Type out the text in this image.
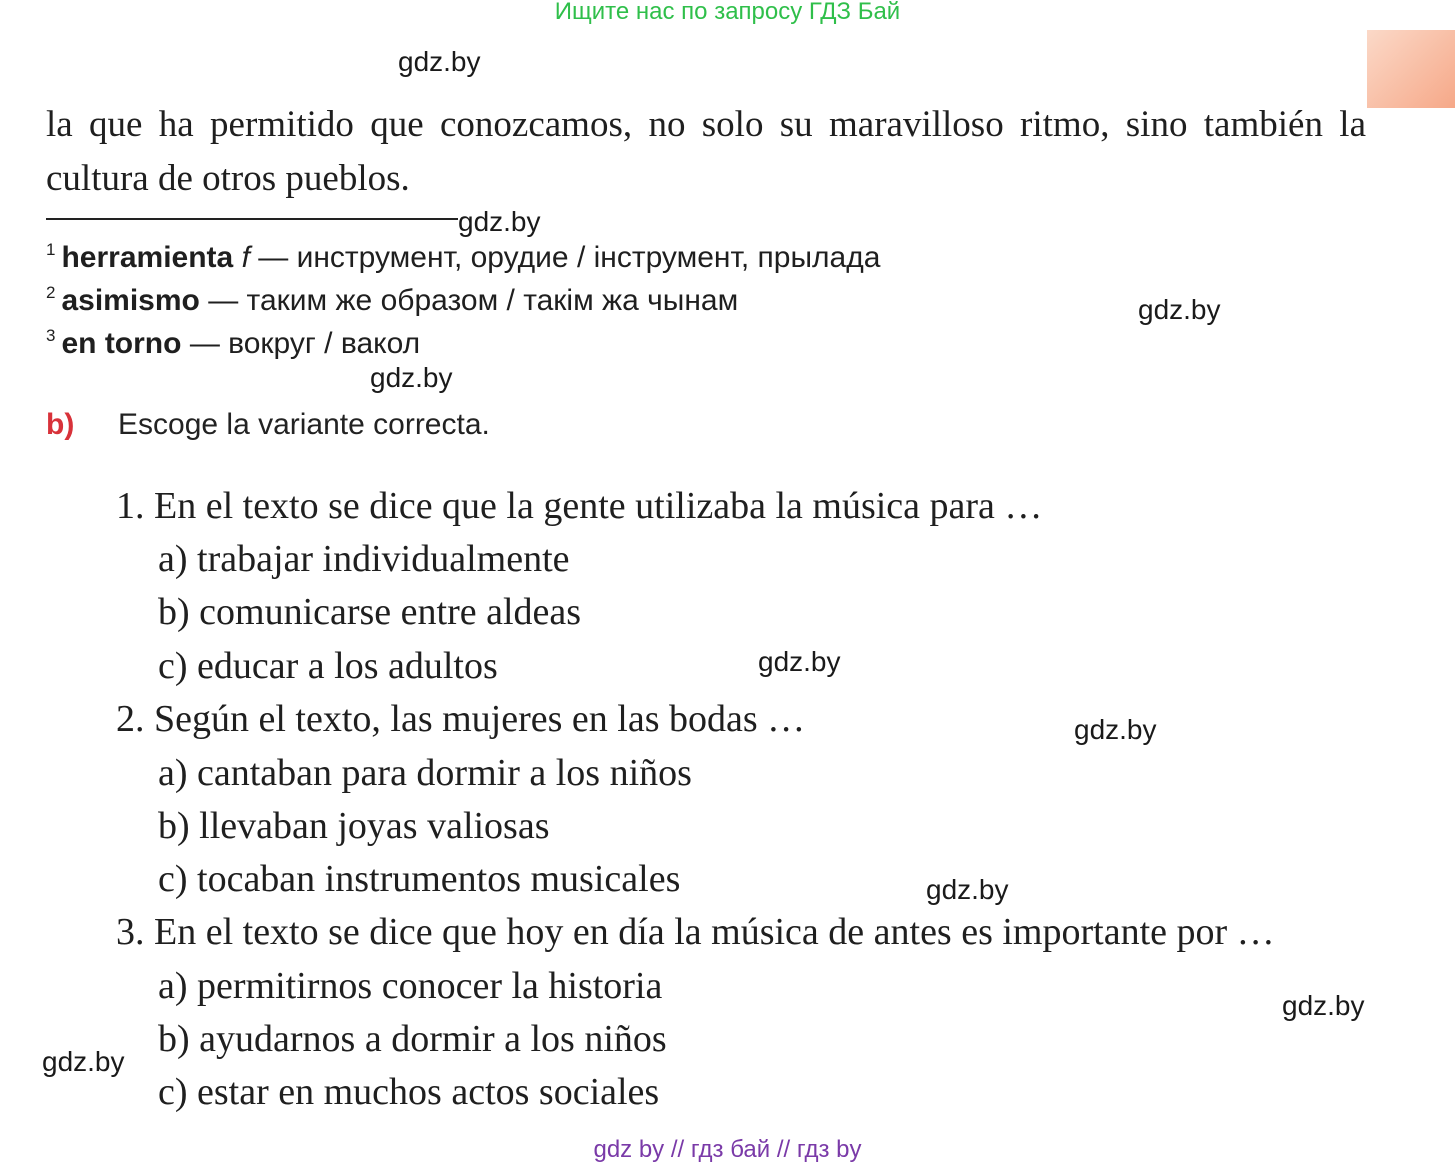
Ищите нас по запросу ГДЗ Бай
gdz.by
gdz.by
gdz.by
gdz.by
gdz.by
gdz.by
gdz.by
gdz.by
gdz.by
la que ha permitido que conozcamos, no solo su maravilloso ritmo, sino también la cultura de otros pueblos.
$^1$ herramienta f — инструмент, орудие / інструмент, прылада
$^2$ asimismo — таким же образом / такім жа чынам
$^3$ en torno — вокруг / вакол
b) Escoge la variante correcta.
1. En el texto se dice que la gente utilizaba la música para …
a) trabajar individualmente
b) comunicarse entre aldeas
c) educar a los adultos
2. Según el texto, las mujeres en las bodas …
a) cantaban para dormir a los niños
b) llevaban joyas valiosas
c) tocaban instrumentos musicales
3. En el texto se dice que hoy en día la música de antes es importante por …
a) permitirnos conocer la historia
b) ayudarnos a dormir a los niños
c) estar en muchos actos sociales
gdz by // гдз бай // гдз by
